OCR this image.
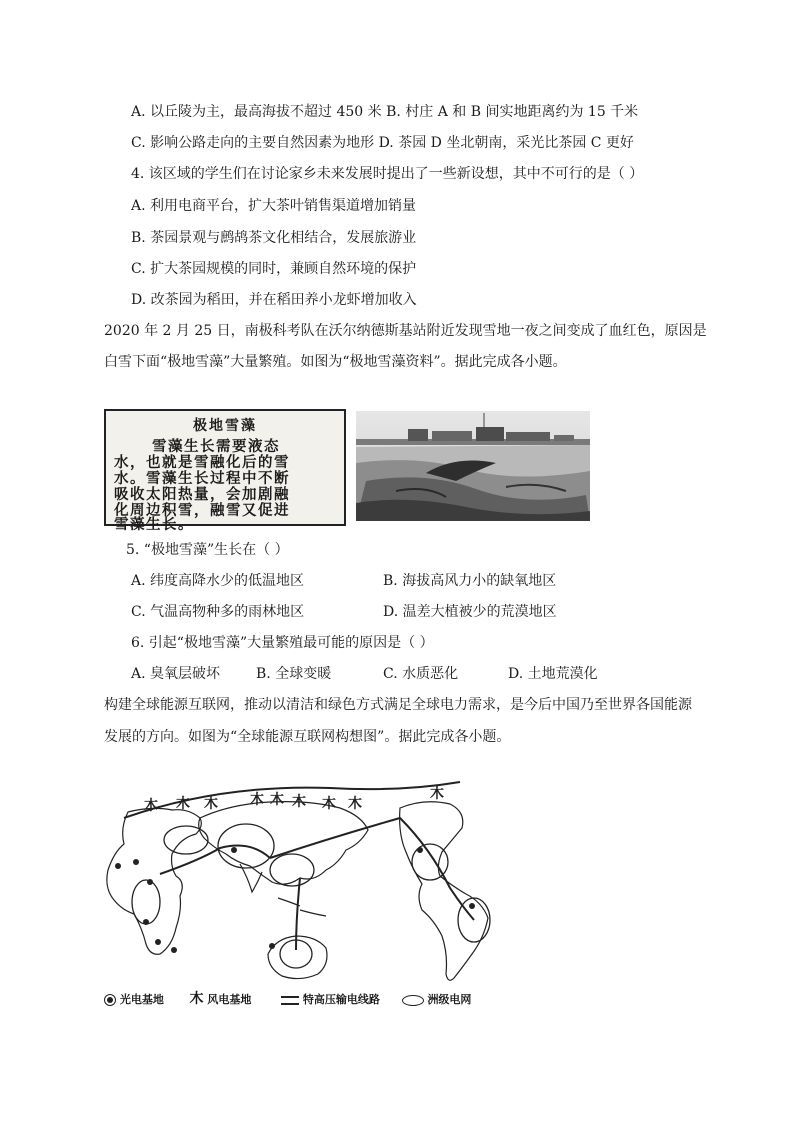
A. 以丘陵为主，最高海拔不超过 450 米 B. 村庄 A 和 B 间实地距离约为 15 千米
C. 影响公路走向的主要自然因素为地形 D. 茶园 D 坐北朝南，采光比茶园 C 更好
4. 该区域的学生们在讨论家乡未来发展时提出了一些新设想，其中不可行的是（ ）
A. 利用电商平台，扩大茶叶销售渠道增加销量
B. 茶园景观与鹧鸪茶文化相结合，发展旅游业
C. 扩大茶园规模的同时，兼顾自然环境的保护
D. 改茶园为稻田，并在稻田养小龙虾增加收入
2020 年 2 月 25 日，南极科考队在沃尔纳德斯基站附近发现雪地一夜之间变成了血红色，原因是
白雪下面“极地雪藻”大量繁殖。如图为“极地雪藻资料”。据此完成各小题。
极地雪藻
雪藻生长需要液态
水，也就是雪融化后的雪
水。雪藻生长过程中不断
吸收太阳热量，会加剧融
化周边积雪，融雪又促进
雪藻生长。
5. “极地雪藻”生长在（ ）
A. 纬度高降水少的低温地区	B. 海拔高风力小的缺氧地区
C. 气温高物种多的雨林地区	D. 温差大植被少的荒漠地区
6. 引起“极地雪藻”大量繁殖最可能的原因是（ ）
A. 臭氧层破坏	B. 全球变暖	C. 水质恶化	D. 土地荒漠化
构建全球能源互联网，推动以清洁和绿色方式满足全球电力需求，是今后中国乃至世界各国能源
发展的方向。如图为“全球能源互联网构想图”。据此完成各小题。
木 木 木 木 木 木 木 木
木
光电基地 木 风电基地	特高压输电线路	洲级电网
